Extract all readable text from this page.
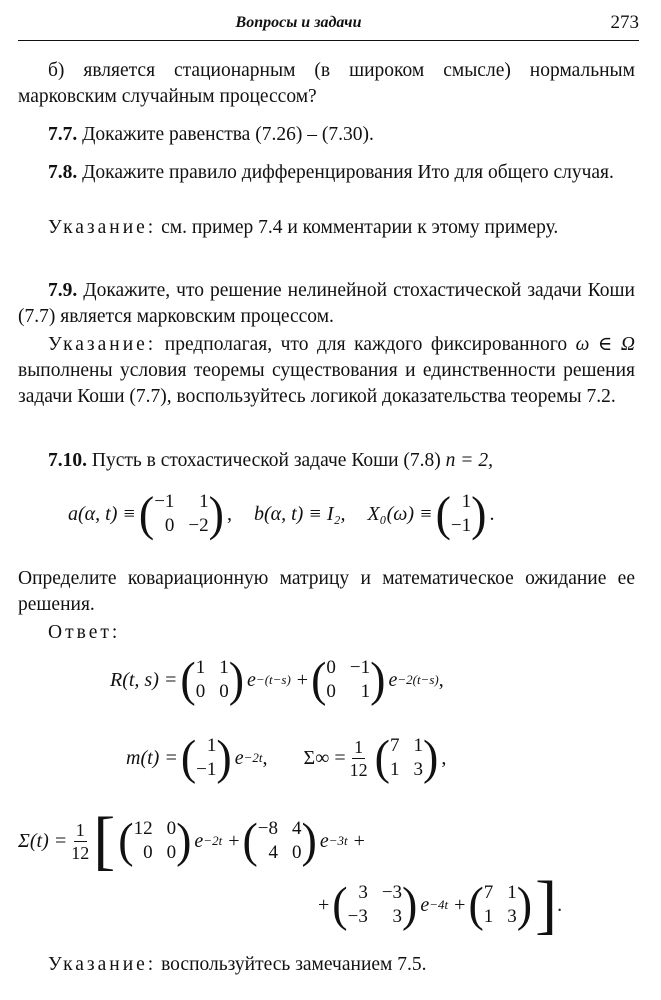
Вопросы и задачи	273
б) является стационарным (в широком смысле) нормальным марковским случайным процессом?
7.7. Докажите равенства (7.26) – (7.30).
7.8. Докажите правило дифференцирования Ито для общего случая.
Указание: см. пример 7.4 и комментарии к этому примеру.
7.9. Докажите, что решение нелинейной стохастической задачи Коши (7.7) является марковским процессом.
Указание: предполагая, что для каждого фиксированного ω ∈ Ω выполнены условия теоремы существования и единственности решения задачи Коши (7.7), воспользуйтесь логикой доказательства теоремы 7.2.
7.10. Пусть в стохастической задаче Коши (7.8) n = 2,
a(α, t) ≡ ( −1	1
0 −2 ) , b(α, t) ≡ I₂, X₀(ω) ≡ ( 1
−1 ) .
Определите ковариационную матрицу и математическое ожидание ее решения.
Ответ:
R(t, s) = ( 1 1
0 0 ) e −(t−s) + ( 0 −1
0	1 ) e −2(t−s) ,
m(t) = ( 1
−1 ) e −2t , $\Sigma\infty = \frac{1}{12}$ ( 7 1
1 3 ) ,
$\Sigma(t) = \frac{1}{12}$ [ ( 12 0
0 0 ) e −2t + ( −8 4
4 0 ) e −3t +
+ ( 3 −3
−3	3 ) e −4t + ( 7 1
1 3 ) ] .
Указание: воспользуйтесь замечанием 7.5.
